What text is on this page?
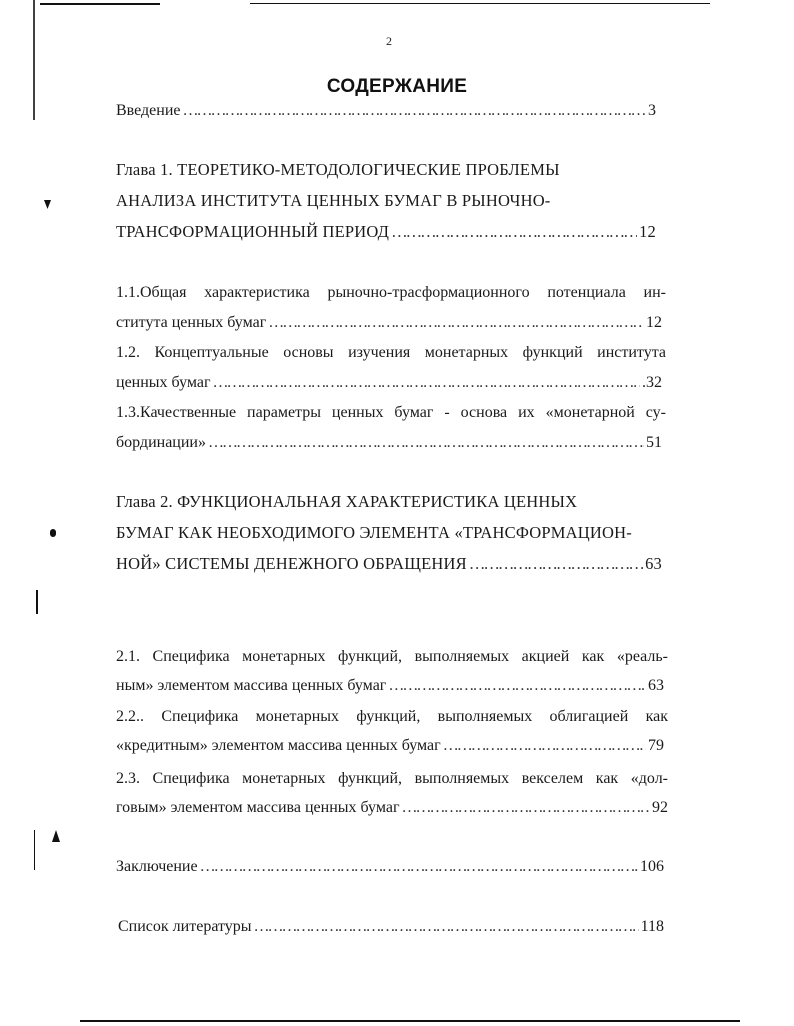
2
СОДЕРЖАНИЕ
Введение …………………………………………………………………………………………………………………………………………………………………………………………………………	3
Глава 1. ТЕОРЕТИКО-МЕТОДОЛОГИЧЕСКИЕ ПРОБЛЕМЫ
АНАЛИЗА ИНСТИТУТА ЦЕННЫХ БУМАГ В РЫНОЧНО-
ТРАНСФОРМАЦИОННЫЙ ПЕРИОД …………………………………………………………………………………………………………………………………………………………………………………………………………	12
1.1.Общая характеристика рыночно-трасформационного потенциала ин-
ститута ценных бумаг …………………………………………………………………………………………………………………………………………………………………………………………………………	12
1.2. Концептуальные основы изучения монетарных функций института
ценных бумаг …………………………………………………………………………………………………………………………………………………………………………………………………………	.32
1.3.Качественные параметры ценных бумаг - основа их «монетарной су-
бординации» …………………………………………………………………………………………………………………………………………………………………………………………………………	51
Глава 2. ФУНКЦИОНАЛЬНАЯ ХАРАКТЕРИСТИКА ЦЕННЫХ
БУМАГ КАК НЕОБХОДИМОГО ЭЛЕМЕНТА «ТРАНСФОРМАЦИОН-
НОЙ» СИСТЕМЫ ДЕНЕЖНОГО ОБРАЩЕНИЯ …………………………………………………………………………………………………………………………………………………………………………………………………………	63
2.1. Специфика монетарных функций, выполняемых акцией как «реаль-
ным» элементом массива ценных бумаг …………………………………………………………………………………………………………………………………………………………………………………………………………	63
2.2.. Специфика монетарных функций, выполняемых облигацией как
«кредитным» элементом массива ценных бумаг …………………………………………………………………………………………………………………………………………………………………………………………………………	79
2.3. Специфика монетарных функций, выполняемых векселем как «дол-
говым» элементом массива ценных бумаг …………………………………………………………………………………………………………………………………………………………………………………………………………	92
Заключение …………………………………………………………………………………………………………………………………………………………………………………………………………	106
Список литературы …………………………………………………………………………………………………………………………………………………………………………………………………………	118
